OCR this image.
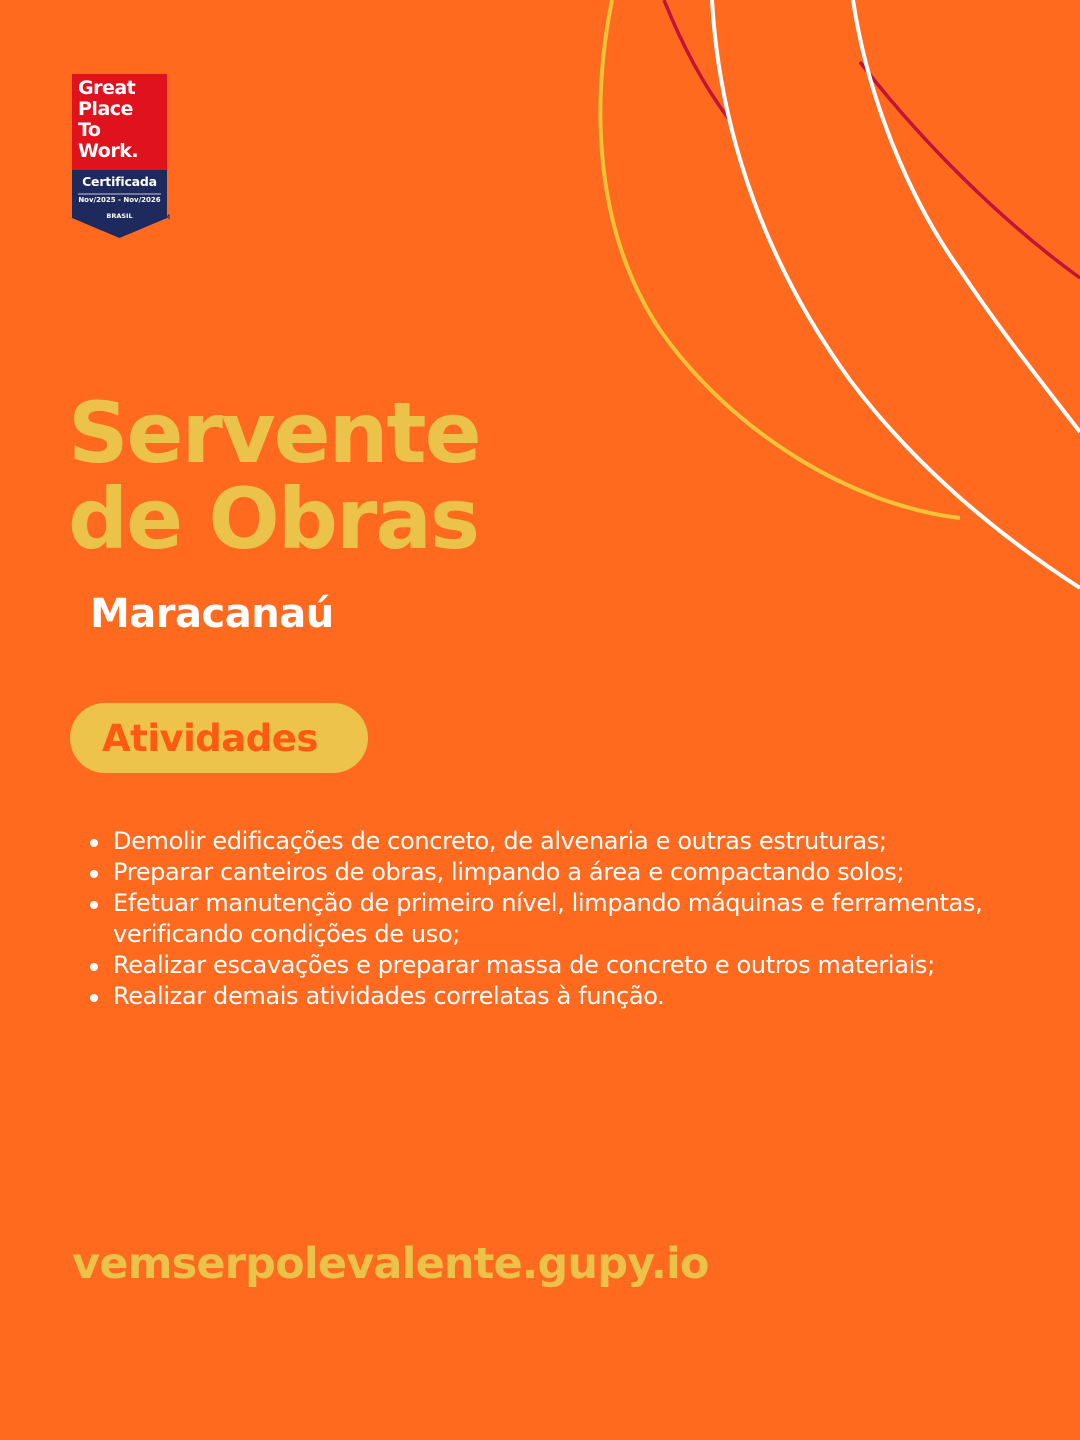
Great
Place
To
Work.
Certificada
Nov/2025 - Nov/2026
BRASIL	TM
Servente
de Obras
Maracanaú
Atividades
Demolir edificações de concreto, de alvenaria e outras estruturas;
Preparar canteiros de obras, limpando a área e compactando solos;
Efetuar manutenção de primeiro nível, limpando máquinas e ferramentas, verificando condições de uso;
Realizar escavações e preparar massa de concreto e outros materiais;
Realizar demais atividades correlatas à função.
vemserpolevalente.gupy.io
